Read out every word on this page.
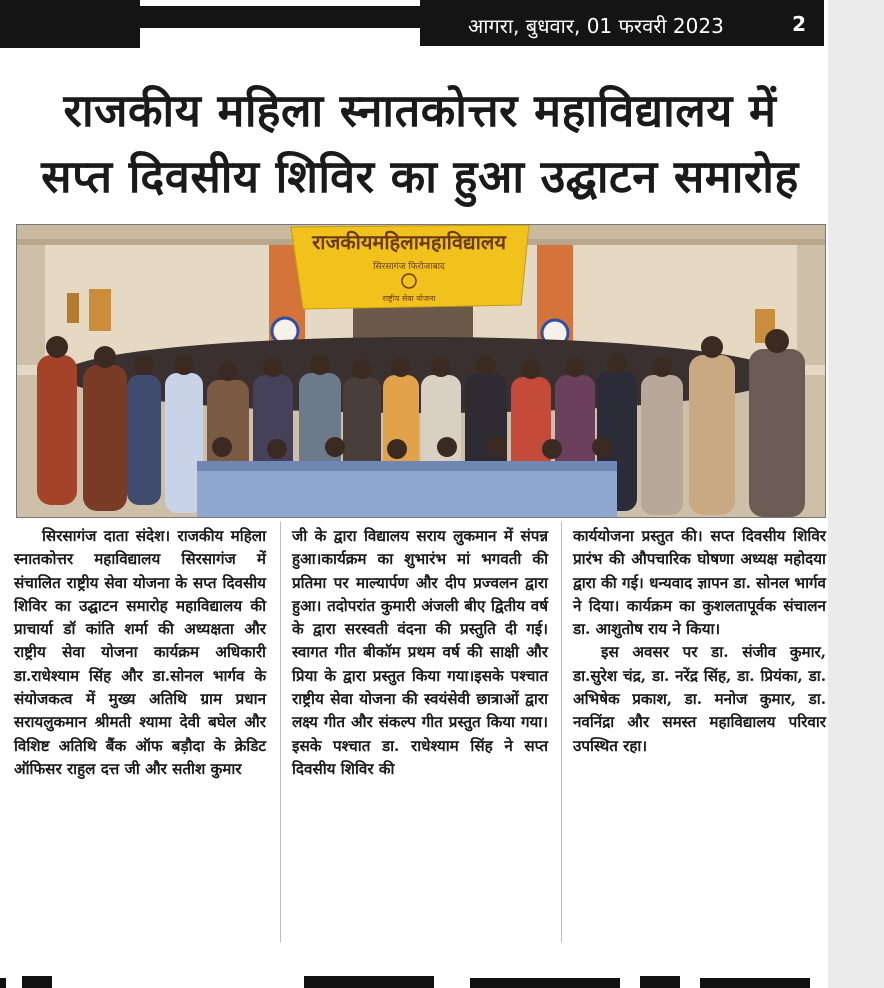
आगरा, बुधवार, 01 फरवरी 2023	2
राजकीय महिला स्नातकोत्तर महाविद्यालय में
सप्त दिवसीय शिविर का हुआ उद्घाटन समारोह
राजकीयमहिलामहाविद्यालय
सिरसागंज फिरोजाबाद
राष्ट्रीय सेवा योजना

सिरसागंज दाता संदेश। राजकीय महिला स्नातकोत्तर महाविद्यालय सिरसागंज में संचालित राष्ट्रीय सेवा योजना के सप्त दिवसीय शिविर का उद्घाटन समारोह महाविद्यालय की प्राचार्या डॉ कांति शर्मा की अध्यक्षता और राष्ट्रीय सेवा योजना कार्यक्रम अधिकारी डा.राधेश्याम सिंह और डा.सोनल भार्गव के संयोजकत्व में मुख्य अतिथि ग्राम प्रधान सरायलुकमान श्रीमती श्यामा देवी बघेल और विशिष्ट अतिथि बैंक ऑफ बड़ौदा के क्रेडिट ऑफिसर राहुल दत्त जी और सतीश कुमार

जी के द्वारा विद्यालय सराय लुकमान में संपन्न हुआ।कार्यक्रम का शुभारंभ मां भगवती की प्रतिमा पर माल्यार्पण और दीप प्रज्वलन द्वारा हुआ। तदोपरांत कुमारी अंजली बीए द्वितीय वर्ष के द्वारा सरस्वती वंदना की प्रस्तुति दी गई। स्वागत गीत बीकॉम प्रथम वर्ष की साक्षी और प्रिया के द्वारा प्रस्तुत किया गया।इसके पश्चात राष्ट्रीय सेवा योजना की स्वयंसेवी छात्राओं द्वारा लक्ष्य गीत और संकल्प गीत प्रस्तुत किया गया। इसके पश्चात डा. राधेश्याम सिंह ने सप्त दिवसीय शिविर की

कार्ययोजना प्रस्तुत की। सप्त दिवसीय शिविर प्रारंभ की औपचारिक घोषणा अध्यक्ष महोदया द्वारा की गई। धन्यवाद ज्ञापन डा. सोनल भार्गव ने दिया। कार्यक्रम का कुशलतापूर्वक संचालन डा. आशुतोष राय ने किया।

इस अवसर पर डा. संजीव कुमार, डा.सुरेश चंद्र, डा. नरेंद्र सिंह, डा. प्रियंका, डा. अभिषेक प्रकाश, डा. मनोज कुमार, डा. नवनिंद्रा और समस्त महाविद्यालय परिवार उपस्थित रहा।
